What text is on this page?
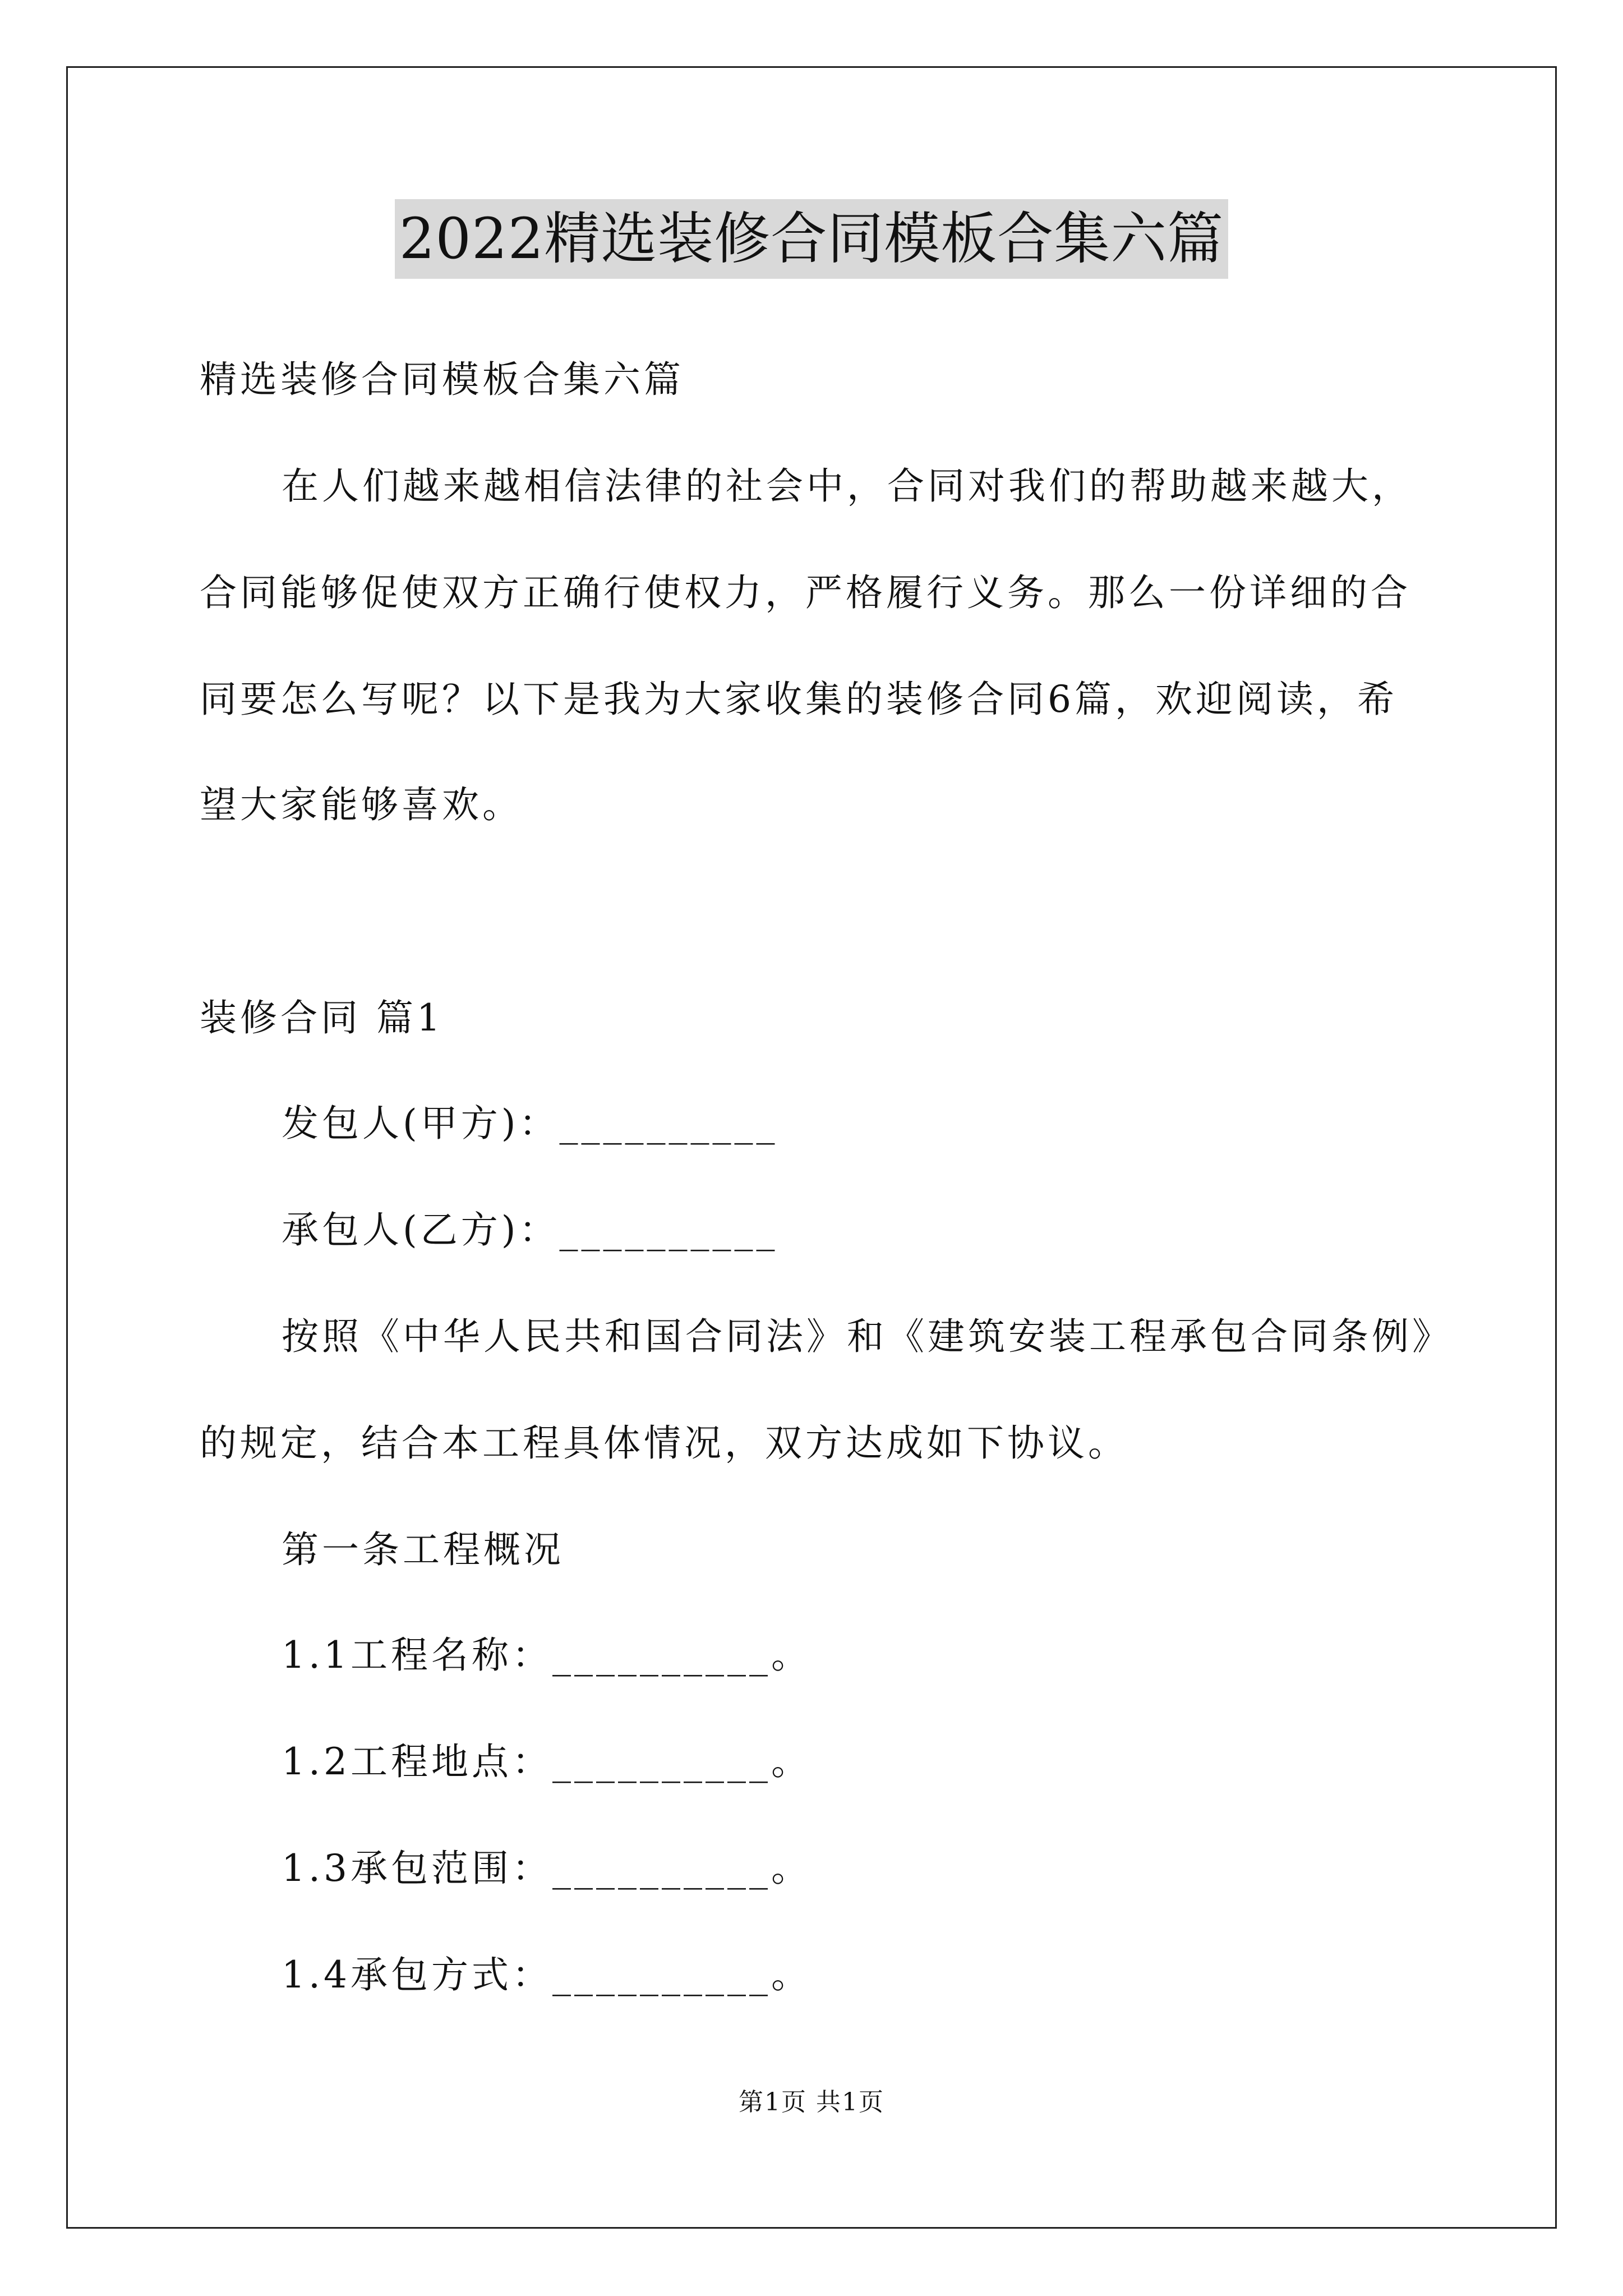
2022精选装修合同模板合集六篇
精选装修合同模板合集六篇
在人们越来越相信法律的社会中，合同对我们的帮助越来越大，
合同能够促使双方正确行使权力，严格履行义务。那么一份详细的合
同要怎么写呢？以下是我为大家收集的装修合同6篇，欢迎阅读，希
望大家能够喜欢。
装修合同 篇1
发包人(甲方)：__________
承包人(乙方)：__________
按照《中华人民共和国合同法》和《建筑安装工程承包合同条例》
的规定，结合本工程具体情况，双方达成如下协议。
第一条工程概况
1.1工程名称：__________。
1.2工程地点：__________。
1.3承包范围：__________。
1.4承包方式：__________。
第1页 共1页
